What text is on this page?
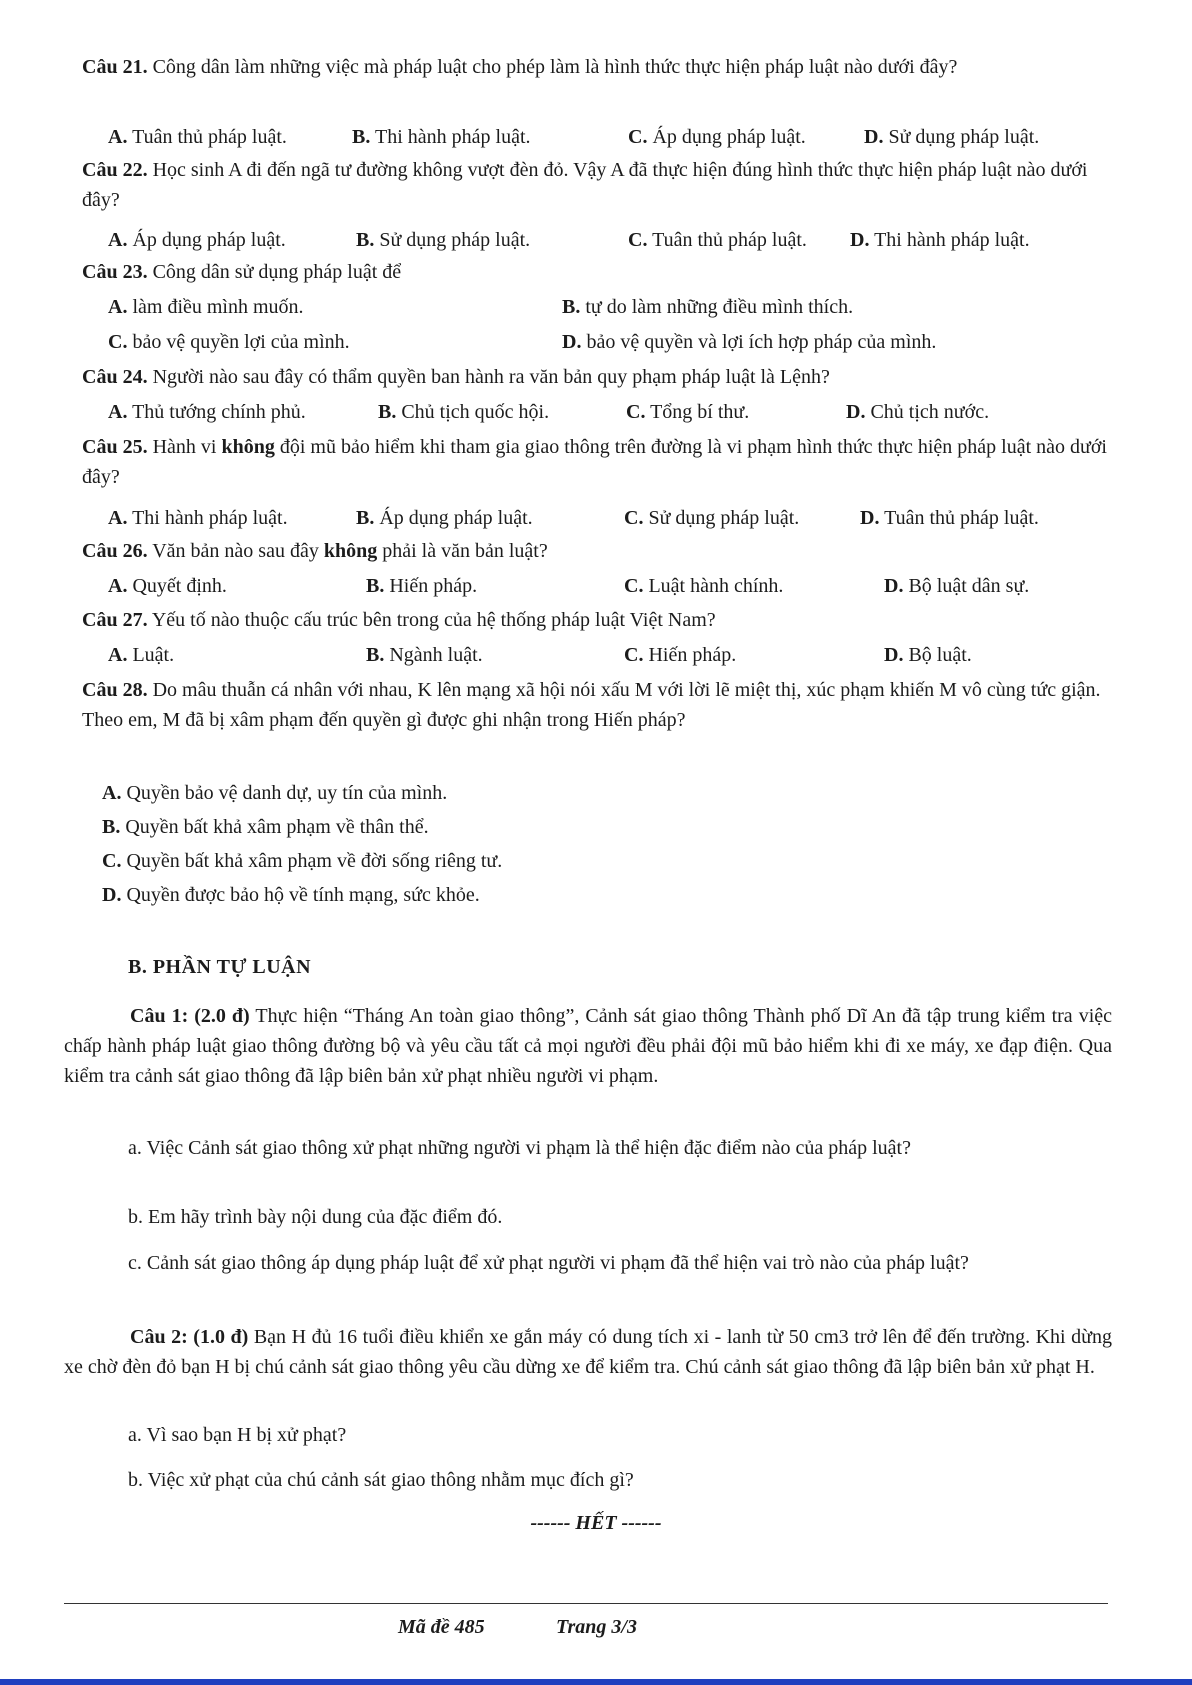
Câu 21. Công dân làm những việc mà pháp luật cho phép làm là hình thức thực hiện pháp luật nào dưới đây?

A. Tuân thủ pháp luật.	B. Thi hành pháp luật.	C. Áp dụng pháp luật.	D. Sử dụng pháp luật.

Câu 22. Học sinh A đi đến ngã tư đường không vượt đèn đỏ. Vậy A đã thực hiện đúng hình thức thực hiện pháp luật nào dưới đây?

A. Áp dụng pháp luật.	B. Sử dụng pháp luật.	C. Tuân thủ pháp luật. D. Thi hành pháp luật.

Câu 23. Công dân sử dụng pháp luật để

A. làm điều mình muốn.	B. tự do làm những điều mình thích.
C. bảo vệ quyền lợi của mình.	D. bảo vệ quyền và lợi ích hợp pháp của mình.

Câu 24. Người nào sau đây có thẩm quyền ban hành ra văn bản quy phạm pháp luật là Lệnh?

A. Thủ tướng chính phủ.	B. Chủ tịch quốc hội.	C. Tổng bí thư.	D. Chủ tịch nước.

Câu 25. Hành vi không đội mũ bảo hiểm khi tham gia giao thông trên đường là vi phạm hình thức thực hiện pháp luật nào dưới đây?

A. Thi hành pháp luật.	B. Áp dụng pháp luật.	C. Sử dụng pháp luật.	D. Tuân thủ pháp luật.

Câu 26. Văn bản nào sau đây không phải là văn bản luật?

A. Quyết định.	B. Hiến pháp.	C. Luật hành chính.	D. Bộ luật dân sự.

Câu 27. Yếu tố nào thuộc cấu trúc bên trong của hệ thống pháp luật Việt Nam?

A. Luật.	B. Ngành luật.	C. Hiến pháp.	D. Bộ luật.

Câu 28. Do mâu thuẫn cá nhân với nhau, K lên mạng xã hội nói xấu M với lời lẽ miệt thị, xúc phạm khiến M vô cùng tức giận. Theo em, M đã bị xâm phạm đến quyền gì được ghi nhận trong Hiến pháp?

A. Quyền bảo vệ danh dự, uy tín của mình.

B. Quyền bất khả xâm phạm về thân thể.

C. Quyền bất khả xâm phạm về đời sống riêng tư.

D. Quyền được bảo hộ về tính mạng, sức khỏe.

B. PHẦN TỰ LUẬN

Câu 1: (2.0 đ) Thực hiện “Tháng An toàn giao thông”, Cảnh sát giao thông Thành phố Dĩ An đã tập trung kiểm tra việc chấp hành pháp luật giao thông đường bộ và yêu cầu tất cả mọi người đều phải đội mũ bảo hiểm khi đi xe máy, xe đạp điện. Qua kiểm tra cảnh sát giao thông đã lập biên bản xử phạt nhiều người vi phạm.

a. Việc Cảnh sát giao thông xử phạt những người vi phạm là thể hiện đặc điểm nào của pháp luật?

b. Em hãy trình bày nội dung của đặc điểm đó.

c. Cảnh sát giao thông áp dụng pháp luật để xử phạt người vi phạm đã thể hiện vai trò nào của pháp luật?

Câu 2: (1.0 đ) Bạn H đủ 16 tuổi điều khiển xe gắn máy có dung tích xi - lanh từ 50 cm3 trở lên để đến trường. Khi dừng xe chờ đèn đỏ bạn H bị chú cảnh sát giao thông yêu cầu dừng xe để kiểm tra. Chú cảnh sát giao thông đã lập biên bản xử phạt H.

a. Vì sao bạn H bị xử phạt?

b. Việc xử phạt của chú cảnh sát giao thông nhằm mục đích gì?

------ HẾT ------

Mã đề 485	Trang 3/3
